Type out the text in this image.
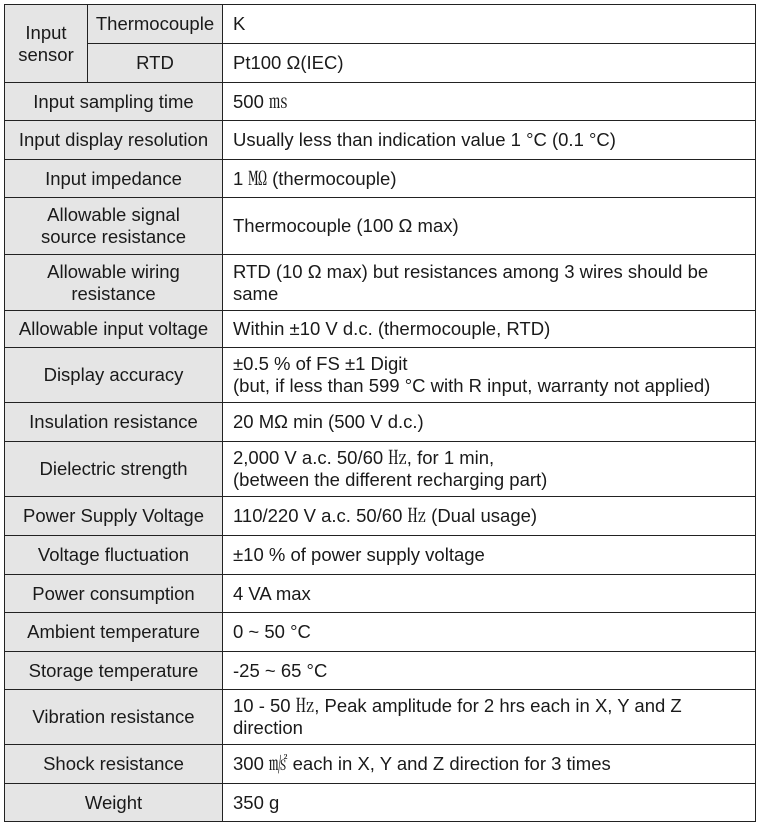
Input sensor	Thermocouple	K
	RTD	Pt100 Ω(IEC)
Input sampling time		500 ㎳

Input display resolution		Usually less than indication value 1 °C (0.1 °C)

Input impedance		1 ㏁ (thermocouple)

Allowable signal source resistance		Thermocouple (100 Ω max)

Allowable wiring resistance		RTD (10 Ω max) but resistances among 3 wires should be same

Allowable input voltage		Within ±10 V d.c. (thermocouple, RTD)

Display accuracy		±0.5 % of FS ±1 Digit
(but, if less than 599 °C with R input, warranty not applied)

Insulation resistance		20 MΩ min (500 V d.c.)

Dielectric strength		2,000 V a.c. 50/60 ㎐, for 1 min,
(between the different recharging part)

Power Supply Voltage		110/220 V a.c. 50/60 ㎐ (Dual usage)

Voltage fluctuation		±10 % of power supply voltage

Power consumption		4 VA max

Ambient temperature		0 ~ 50 °C

Storage temperature		-25 ~ 65 °C

Vibration resistance		10 - 50 ㎐, Peak amplitude for 2 hrs each in X, Y and Z
direction

Shock resistance		300 ㎨ each in X, Y and Z direction for 3 times

Weight		350 g
